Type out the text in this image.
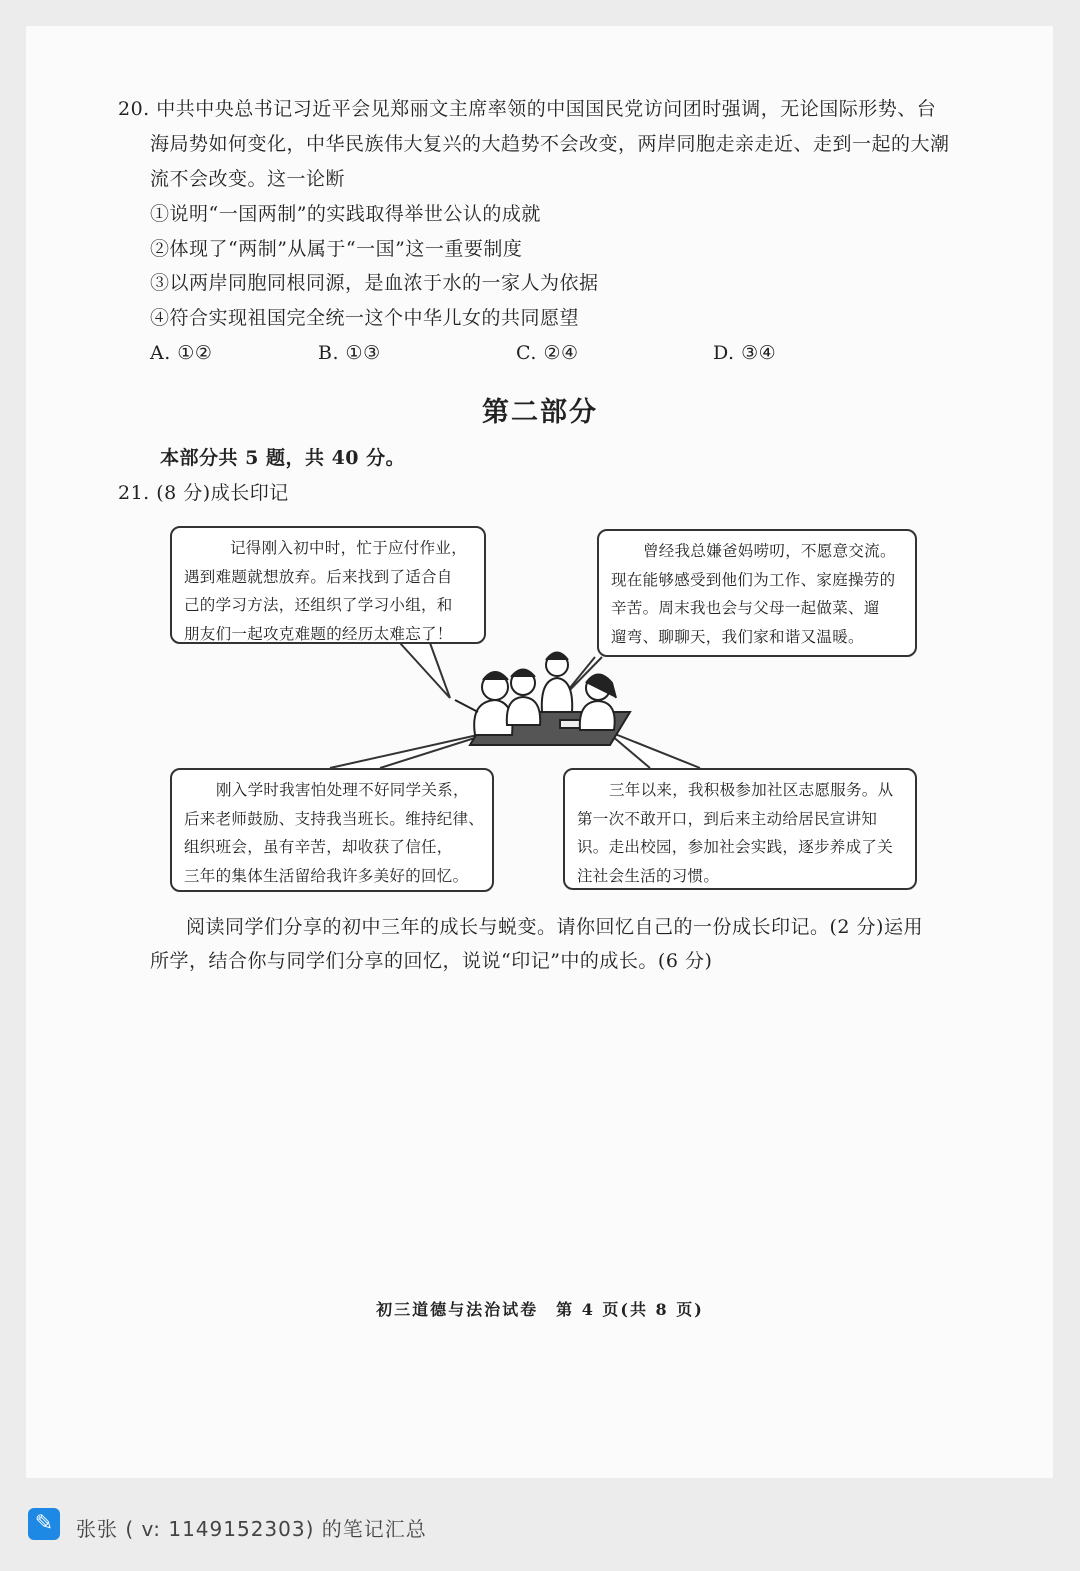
20. 中共中央总书记习近平会见郑丽文主席率领的中国国民党访问团时强调，无论国际形势、台
海局势如何变化，中华民族伟大复兴的大趋势不会改变，两岸同胞走亲走近、走到一起的大潮
流不会改变。这一论断
①说明“一国两制”的实践取得举世公认的成就
②体现了“两制”从属于“一国”这一重要制度
③以两岸同胞同根同源，是血浓于水的一家人为依据
④符合实现祖国完全统一这个中华儿女的共同愿望
A. ①②	B. ①③	C. ②④	D. ③④
第二部分
本部分共 5 题，共 40 分。
21. (8 分)成长印记
记得刚入初中时，忙于应付作业，
遇到难题就想放弃。后来找到了适合自
己的学习方法，还组织了学习小组，和
朋友们一起攻克难题的经历太难忘了！
曾经我总嫌爸妈唠叨，不愿意交流。
现在能够感受到他们为工作、家庭操劳的
辛苦。周末我也会与父母一起做菜、遛
遛弯、聊聊天，我们家和谐又温暖。
刚入学时我害怕处理不好同学关系，
后来老师鼓励、支持我当班长。维持纪律、
组织班会，虽有辛苦，却收获了信任，
三年的集体生活留给我许多美好的回忆。
三年以来，我积极参加社区志愿服务。从
第一次不敢开口，到后来主动给居民宣讲知
识。走出校园，参加社会实践，逐步养成了关
注社会生活的习惯。
阅读同学们分享的初中三年的成长与蜕变。请你回忆自己的一份成长印记。(2 分)运用
所学，结合你与同学们分享的回忆，说说“印记”中的成长。(6 分)
初三道德与法治试卷　第 4 页(共 8 页)
✎	张张 ( v: 1149152303) 的笔记汇总
